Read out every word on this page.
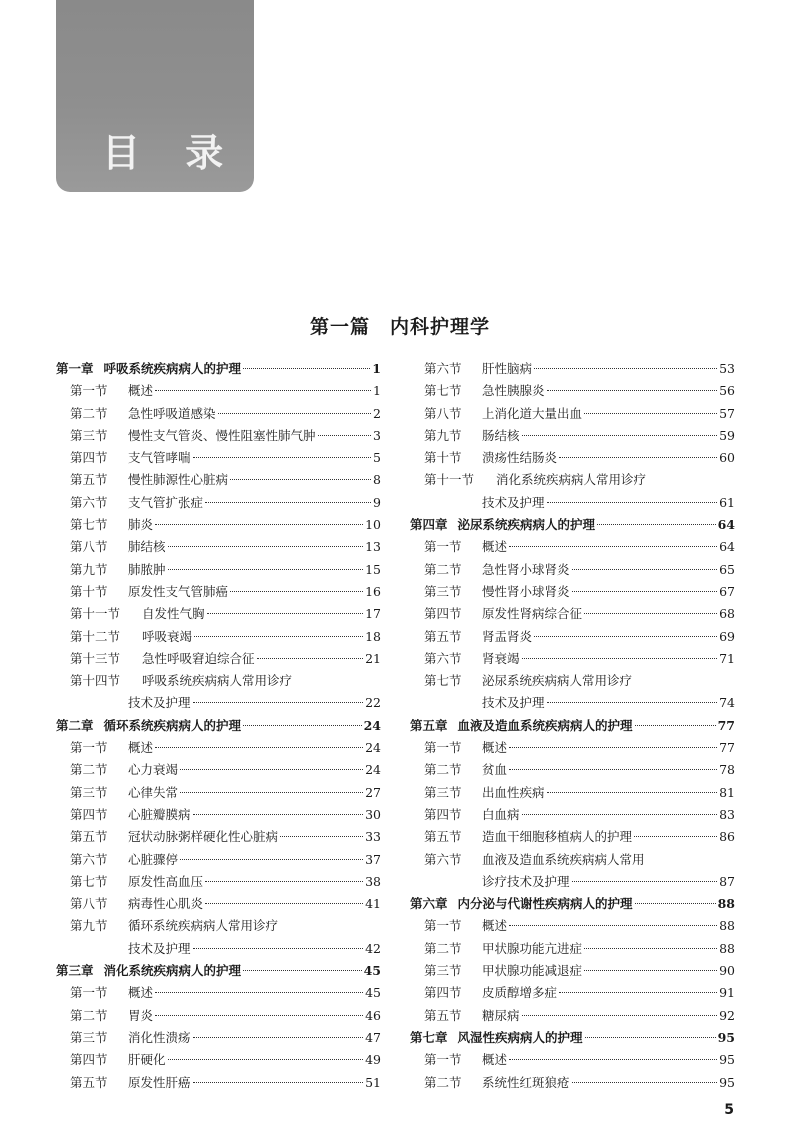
目 录
第一篇　内科护理学
第一章 呼吸系统疾病病人的护理	1
第一节	概述	1
第二节	急性呼吸道感染	2
第三节	慢性支气管炎、慢性阻塞性肺气肿	3
第四节	支气管哮喘	5
第五节	慢性肺源性心脏病	8
第六节	支气管扩张症	9
第七节	肺炎	10
第八节	肺结核	13
第九节	肺脓肿	15
第十节	原发性支气管肺癌	16
第十一节	自发性气胸	17
第十二节	呼吸衰竭	18
第十三节	急性呼吸窘迫综合征	21
第十四节	呼吸系统疾病病人常用诊疗
技术及护理	22
第二章 循环系统疾病病人的护理	24
第一节	概述	24
第二节	心力衰竭	24
第三节	心律失常	27
第四节	心脏瓣膜病	30
第五节	冠状动脉粥样硬化性心脏病	33
第六节	心脏骤停	37
第七节	原发性高血压	38
第八节	病毒性心肌炎	41
第九节	循环系统疾病病人常用诊疗
技术及护理	42
第三章 消化系统疾病病人的护理	45
第一节	概述	45
第二节	胃炎	46
第三节	消化性溃疡	47
第四节	肝硬化	49
第五节	原发性肝癌	51
第六节	肝性脑病	53
第七节	急性胰腺炎	56
第八节	上消化道大量出血	57
第九节	肠结核	59
第十节	溃疡性结肠炎	60
第十一节	消化系统疾病病人常用诊疗
技术及护理	61
第四章 泌尿系统疾病病人的护理	64
第一节	概述	64
第二节	急性肾小球肾炎	65
第三节	慢性肾小球肾炎	67
第四节	原发性肾病综合征	68
第五节	肾盂肾炎	69
第六节	肾衰竭	71
第七节	泌尿系统疾病病人常用诊疗
技术及护理	74
第五章 血液及造血系统疾病病人的护理	77
第一节	概述	77
第二节	贫血	78
第三节	出血性疾病	81
第四节	白血病	83
第五节	造血干细胞移植病人的护理	86
第六节	血液及造血系统疾病病人常用
诊疗技术及护理	87
第六章 内分泌与代谢性疾病病人的护理	88
第一节	概述	88
第二节	甲状腺功能亢进症	88
第三节	甲状腺功能减退症	90
第四节	皮质醇增多症	91
第五节	糖尿病	92
第七章 风湿性疾病病人的护理	95
第一节	概述	95
第二节	系统性红斑狼疮	95
5
